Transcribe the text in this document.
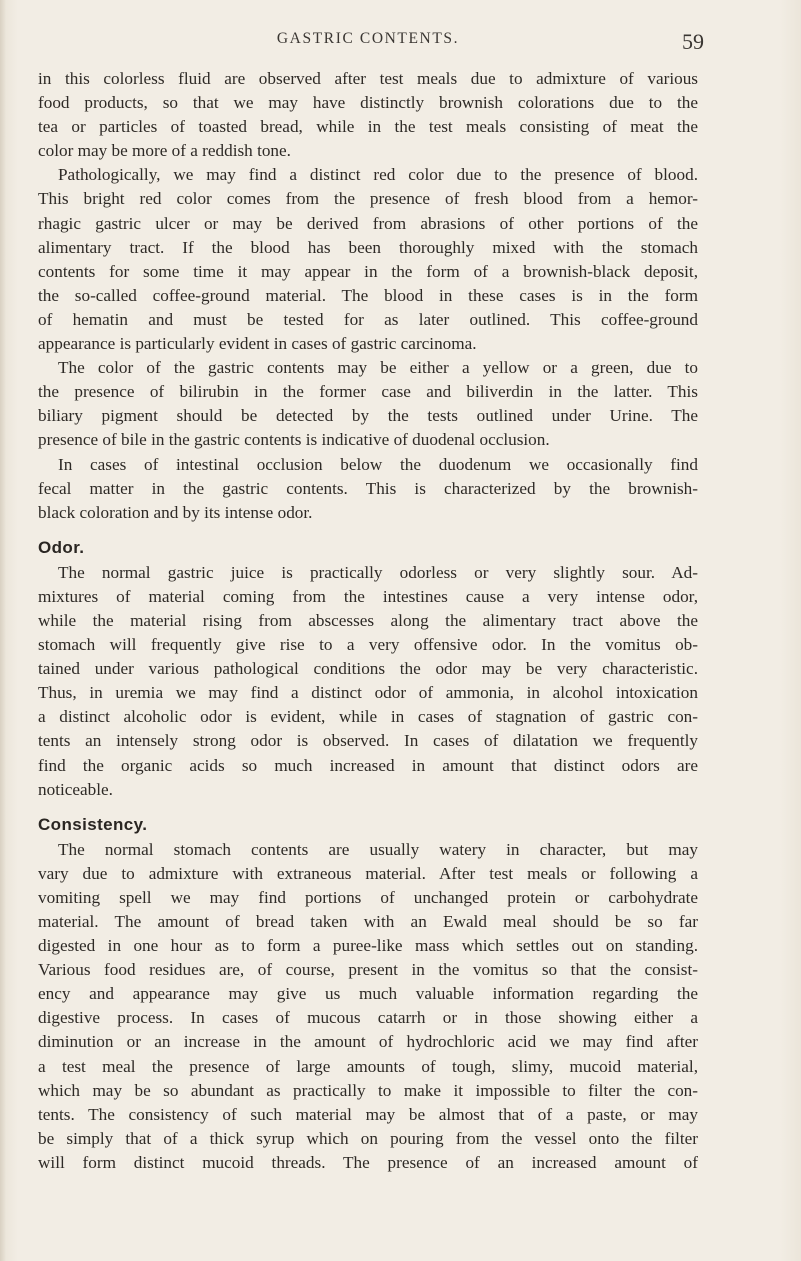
GASTRIC CONTENTS.	59
in this colorless fluid are observed after test meals due to admixture of various
food products, so that we may have distinctly brownish colorations due to the
tea or particles of toasted bread, while in the test meals consisting of meat the
color may be more of a reddish tone.
Pathologically, we may find a distinct red color due to the presence of blood.
This bright red color comes from the presence of fresh blood from a hemor-
rhagic gastric ulcer or may be derived from abrasions of other portions of the
alimentary tract. If the blood has been thoroughly mixed with the stomach
contents for some time it may appear in the form of a brownish-black deposit,
the so-called coffee-ground material. The blood in these cases is in the form
of hematin and must be tested for as later outlined. This coffee-ground
appearance is particularly evident in cases of gastric carcinoma.
The color of the gastric contents may be either a yellow or a green, due to
the presence of bilirubin in the former case and biliverdin in the latter. This
biliary pigment should be detected by the tests outlined under Urine. The
presence of bile in the gastric contents is indicative of duodenal occlusion.
In cases of intestinal occlusion below the duodenum we occasionally find
fecal matter in the gastric contents. This is characterized by the brownish-
black coloration and by its intense odor.
Odor.
The normal gastric juice is practically odorless or very slightly sour. Ad-
mixtures of material coming from the intestines cause a very intense odor,
while the material rising from abscesses along the alimentary tract above the
stomach will frequently give rise to a very offensive odor. In the vomitus ob-
tained under various pathological conditions the odor may be very characteristic.
Thus, in uremia we may find a distinct odor of ammonia, in alcohol intoxication
a distinct alcoholic odor is evident, while in cases of stagnation of gastric con-
tents an intensely strong odor is observed. In cases of dilatation we frequently
find the organic acids so much increased in amount that distinct odors are
noticeable.
Consistency.
The normal stomach contents are usually watery in character, but may
vary due to admixture with extraneous material. After test meals or following a
vomiting spell we may find portions of unchanged protein or carbohydrate
material. The amount of bread taken with an Ewald meal should be so far
digested in one hour as to form a puree-like mass which settles out on standing.
Various food residues are, of course, present in the vomitus so that the consist-
ency and appearance may give us much valuable information regarding the
digestive process. In cases of mucous catarrh or in those showing either a
diminution or an increase in the amount of hydrochloric acid we may find after
a test meal the presence of large amounts of tough, slimy, mucoid material,
which may be so abundant as practically to make it impossible to filter the con-
tents. The consistency of such material may be almost that of a paste, or may
be simply that of a thick syrup which on pouring from the vessel onto the filter
will form distinct mucoid threads. The presence of an increased amount of
